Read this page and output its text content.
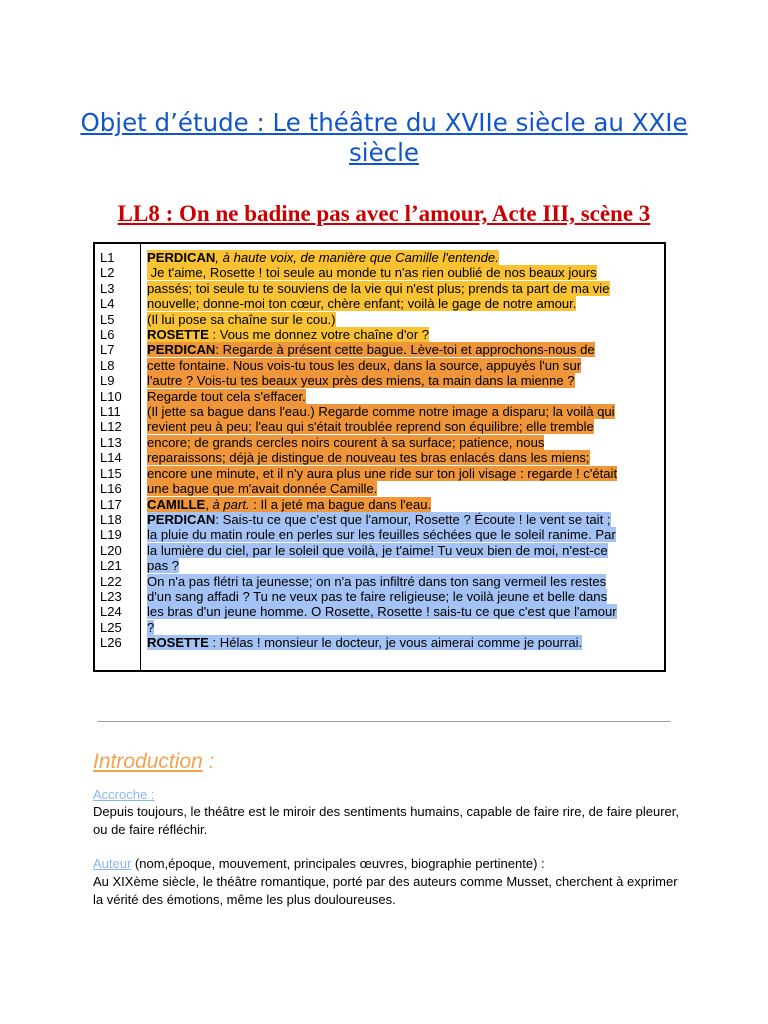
Objet d’étude : Le théâtre du XVIIe siècle au XXIe siècle
LL8 : On ne badine pas avec l’amour, Acte III, scène 3
L1
L2
L3
L4
L5
L6
L7
L8
L9
L10
L11
L12
L13
L14
L15
L16
L17
L18
L19
L20
L21
L22
L23
L24
L25
L26
PERDICAN, à haute voix, de manière que Camille l'entende.
Je t'aime, Rosette ! toi seule au monde tu n'as rien oublié de nos beaux jours
passés; toi seule tu te souviens de la vie qui n'est plus; prends ta part de ma vie
nouvelle; donne-moi ton cœur, chère enfant; voilà le gage de notre amour.
(Il lui pose sa chaîne sur le cou.)
ROSETTE : Vous me donnez votre chaîne d'or ?
PERDICAN: Regarde à présent cette bague. Lève-toi et approchons-nous de
cette fontaine. Nous vois-tu tous les deux, dans la source, appuyés l'un sur
l'autre ? Vois-tu tes beaux yeux près des miens, ta main dans la mienne ?
Regarde tout cela s'effacer.
(Il jette sa bague dans l'eau.) Regarde comme notre image a disparu; la voilà qui
revient peu à peu; l'eau qui s'était troublée reprend son équilibre; elle tremble
encore; de grands cercles noirs courent à sa surface; patience, nous
reparaissons; déjà je distingue de nouveau tes bras enlacés dans les miens;
encore une minute, et il n'y aura plus une ride sur ton joli visage : regarde ! c'était
une bague que m'avait donnée Camille.
CAMILLE, à part. : Il a jeté ma bague dans l'eau.
PERDICAN: Sais-tu ce que c'est que l'amour, Rosette ? Écoute ! le vent se tait ;
la pluie du matin roule en perles sur les feuilles séchées que le soleil ranime. Par
la lumière du ciel, par le soleil que voilà, je t'aime! Tu veux bien de moi, n'est-ce
pas ?
On n'a pas flétri ta jeunesse; on n'a pas infiltré dans ton sang vermeil les restes
d'un sang affadi ? Tu ne veux pas te faire religieuse; le voilà jeune et belle dans
les bras d'un jeune homme. O Rosette, Rosette ! sais-tu ce que c'est que l'amour
?
ROSETTE : Hélas ! monsieur le docteur, je vous aimerai comme je pourrai.
Introduction :
Accroche :

Depuis toujours, le théâtre est le miroir des sentiments humains, capable de faire rire, de faire pleurer, ou de faire réfléchir.

Auteur (nom,époque, mouvement, principales œuvres, biographie pertinente) :

Au XIXème siècle, le théâtre romantique, porté par des auteurs comme Musset, cherchent à exprimer la vérité des émotions, même les plus douloureuses.
